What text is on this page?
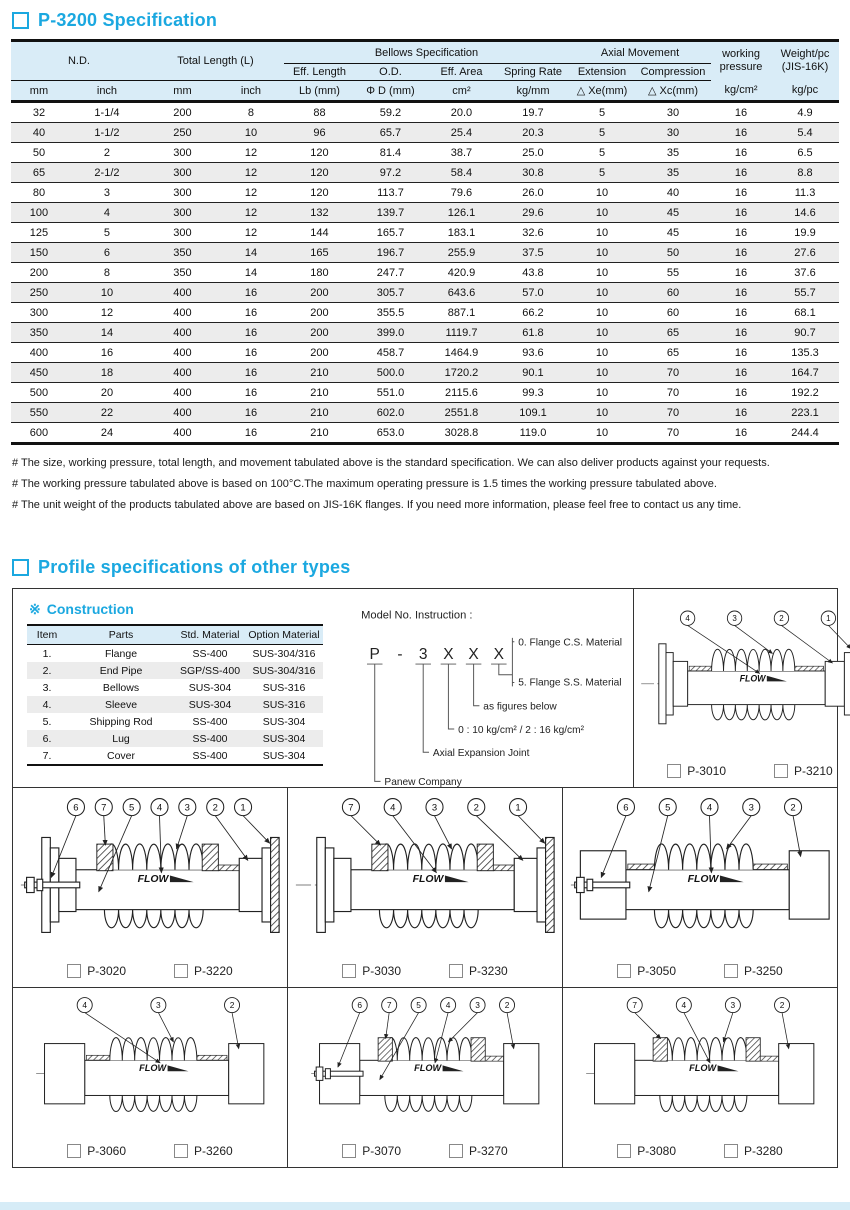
P-3200 Specification
N.D.		Total Length (L)		Bellows Specification				Axial Movement		working
pressure	Weight/pc
(JIS-16K)
				Eff. Length	O.D.	Eff. Area	Spring Rate	Extension	Compression		
mm	inch	mm	inch	Lb (mm)	Φ D (mm)	cm²	kg/mm	△ Xe(mm)	△ Xc(mm)	kg/cm²	kg/pc
32	1-1/4	200	8	88	59.2	20.0	19.7	5	30	16	4.9
40	1-1/2	250	10	96	65.7	25.4	20.3	5	30	16	5.4
50	2	300	12	120	81.4	38.7	25.0	5	35	16	6.5
65	2-1/2	300	12	120	97.2	58.4	30.8	5	35	16	8.8
80	3	300	12	120	113.7	79.6	26.0	10	40	16	11.3
100	4	300	12	132	139.7	126.1	29.6	10	45	16	14.6
125	5	300	12	144	165.7	183.1	32.6	10	45	16	19.9
150	6	350	14	165	196.7	255.9	37.5	10	50	16	27.6
200	8	350	14	180	247.7	420.9	43.8	10	55	16	37.6
250	10	400	16	200	305.7	643.6	57.0	10	60	16	55.7
300	12	400	16	200	355.5	887.1	66.2	10	60	16	68.1
350	14	400	16	200	399.0	1119.7	61.8	10	65	16	90.7
400	16	400	16	200	458.7	1464.9	93.6	10	65	16	135.3
450	18	400	16	210	500.0	1720.2	90.1	10	70	16	164.7
500	20	400	16	210	551.0	2115.6	99.3	10	70	16	192.2
550	22	400	16	210	602.0	2551.8	109.1	10	70	16	223.1
600	24	400	16	210	653.0	3028.8	119.0	10	70	16	244.4
# The size, working pressure, total length, and movement tabulated above is the standard specification. We can also deliver products against your requests.
# The working pressure tabulated above is based on 100°C.The maximum operating pressure is 1.5 times the working pressure tabulated above.
# The unit weight of the products tabulated above are based on JIS-16K flanges. If you need more information, please feel free to contact us any time.
Profile specifications of other types
※ Construction
Item	Parts	Std. Material	Option Material
1.	Flange	SS-400	SUS-304/316
2.	End Pipe	SGP/SS-400	SUS-304/316
3.	Bellows	SUS-304	SUS-316
4.	Sleeve	SUS-304	SUS-316
5.	Shipping Rod	SS-400	SUS-304
6.	Lug	SS-400	SUS-304
7.	Cover	SS-400	SUS-304
Model No. Instruction :
P - 3 X X X
0. Flange C.S. Material
5. Flange S.S. Material
as figures below
0 : 10 kg/cm² / 2 : 16 kg/cm²
Axial Expansion Joint
Panew Company
FLOW
4	3	2	1
P-3010	P-3210
FLOW
6 7 5 4 3 2 1
P-3020	P-3220
FLOW
7	4	3	2	1
P-3030	P-3230
FLOW
6	5	4	3	2
P-3050	P-3250
FLOW
4	3	2
P-3060	P-3260
FLOW
6 7 5 4 3 2
P-3070	P-3270
FLOW
7	4	3	2
P-3080	P-3280
